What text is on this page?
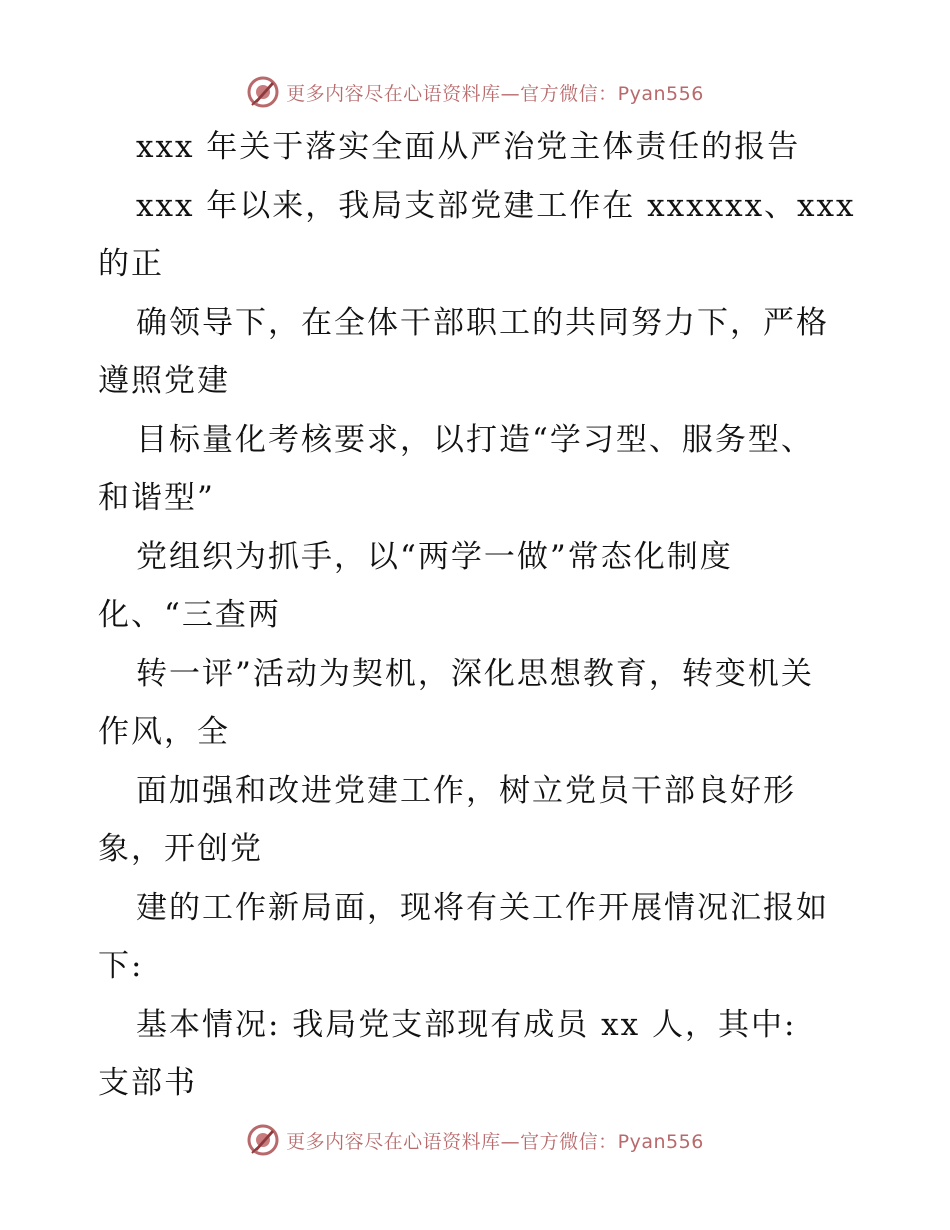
更多内容尽在心语资料库—官方微信：Pyan556
xxx 年关于落实全面从严治党主体责任的报告
xxx 年以来，我局支部党建工作在 xxxxxx、xxx
的正
确领导下，在全体干部职工的共同努力下，严格
遵照党建
目标量化考核要求，以打造“学习型、服务型、
和谐型”
党组织为抓手，以“两学一做”常态化制度
化、“三查两
转一评”活动为契机，深化思想教育，转变机关
作风，全
面加强和改进党建工作，树立党员干部良好形
象，开创党
建的工作新局面，现将有关工作开展情况汇报如
下:
基本情况: 我局党支部现有成员 xx 人，其中:
支部书
更多内容尽在心语资料库—官方微信：Pyan556
